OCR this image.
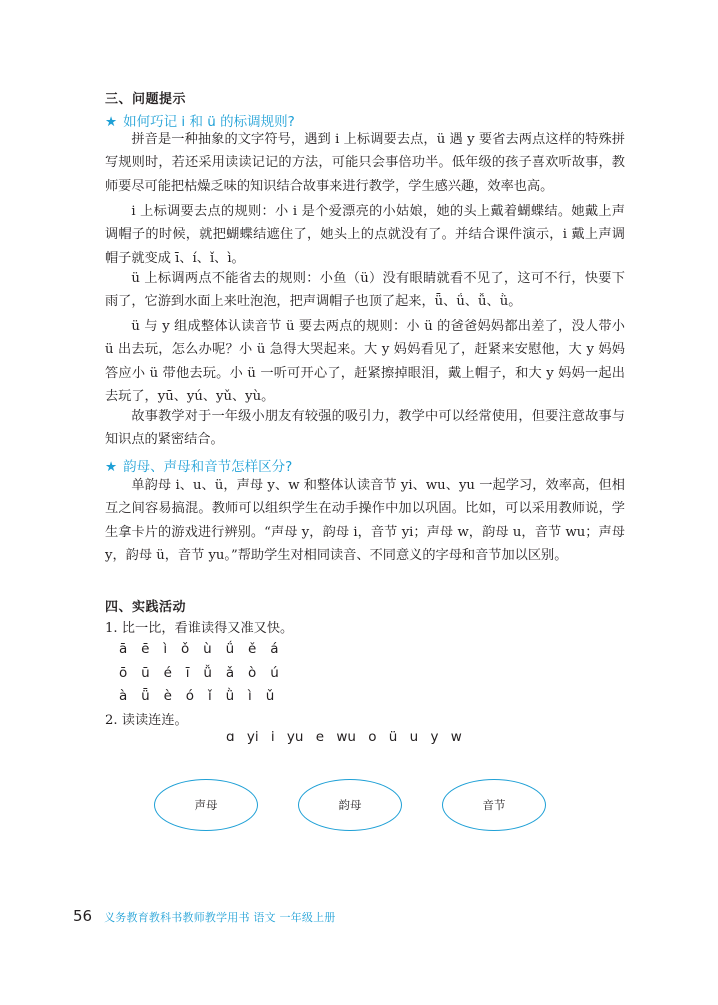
三、问题提示
★ 如何巧记 i 和 ü 的标调规则?

拼音是一种抽象的文字符号，遇到 i 上标调要去点，ü 遇 y 要省去两点这样的特殊拼写规则时，若还采用读读记记的方法，可能只会事倍功半。低年级的孩子喜欢听故事，教师要尽可能把枯燥乏味的知识结合故事来进行教学，学生感兴趣，效率也高。

i 上标调要去点的规则：小 i 是个爱漂亮的小姑娘，她的头上戴着蝴蝶结。她戴上声调帽子的时候，就把蝴蝶结遮住了，她头上的点就没有了。并结合课件演示，i 戴上声调帽子就变成 ī、í、ǐ、ì。

ü 上标调两点不能省去的规则：小鱼（ü）没有眼睛就看不见了，这可不行，快要下雨了，它游到水面上来吐泡泡，把声调帽子也顶了起来，ǖ、ǘ、ǚ、ǜ。

ü 与 y 组成整体认读音节 ü 要去两点的规则：小 ü 的爸爸妈妈都出差了，没人带小 ü 出去玩，怎么办呢？小 ü 急得大哭起来。大 y 妈妈看见了，赶紧来安慰他，大 y 妈妈答应小 ü 带他去玩。小 ü 一听可开心了，赶紧擦掉眼泪，戴上帽子，和大 y 妈妈一起出去玩了，yū、yú、yǔ、yù。

故事教学对于一年级小朋友有较强的吸引力，教学中可以经常使用，但要注意故事与知识点的紧密结合。

★ 韵母、声母和音节怎样区分?

单韵母 i、u、ü，声母 y、w 和整体认读音节 yi、wu、yu 一起学习，效率高，但相互之间容易搞混。教师可以组织学生在动手操作中加以巩固。比如，可以采用教师说，学生拿卡片的游戏进行辨别。“声母 y，韵母 i，音节 yi；声母 w，韵母 u，音节 wu；声母 y，韵母 ü，音节 yu。”帮助学生对相同读音、不同意义的字母和音节加以区别。

四、实践活动
1. 比一比，看谁读得又准又快。
ā ē ì ǒ ù ǘ ě á
ō ū é ī ǚ ǎ ò ú
à ǖ è ó ǐ ǜ ì ǔ
2. 读读连连。
ɑ yi i yu e wu o ü u y w
声母	韵母	音节
56 义务教育教科书教师教学用书 语文 一年级上册
